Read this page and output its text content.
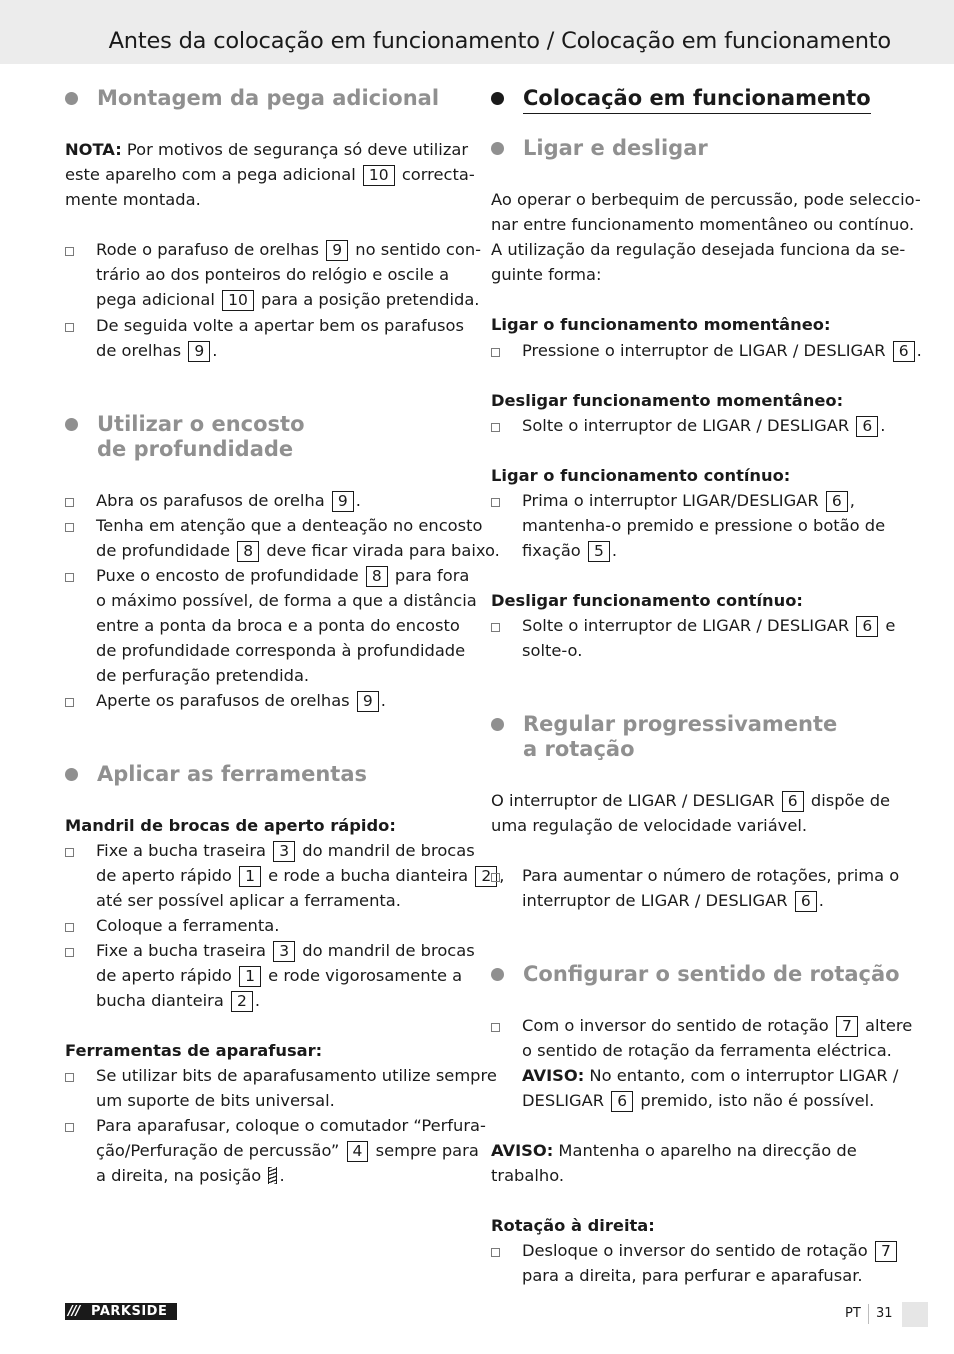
Antes da colocação em funcionamento / Colocação em funcionamento
Montagem da pega adicional
NOTA: Por motivos de segurança só deve utilizar
este aparelho com a pega adicional 10 correcta-
mente montada.
Rode o parafuso de orelhas 9 no sentido con-
trário ao dos ponteiros do relógio e oscile a
pega adicional 10 para a posição pretendida.
De seguida volte a apertar bem os parafusos
de orelhas 9 .
Utilizar o encosto
de profundidade
Abra os parafusos de orelha 9 .
Tenha em atenção que a denteação no encosto
de profundidade 8 deve ficar virada para baixo.
Puxe o encosto de profundidade 8 para fora
o máximo possível, de forma a que a distância
entre a ponta da broca e a ponta do encosto
de profundidade corresponda à profundidade
de perfuração pretendida.
Aperte os parafusos de orelhas 9 .
Aplicar as ferramentas
Mandril de brocas de aperto rápido:
Fixe a bucha traseira 3 do mandril de brocas
de aperto rápido 1 e rode a bucha dianteira 2 ,
até ser possível aplicar a ferramenta.
Coloque a ferramenta.
Fixe a bucha traseira 3 do mandril de brocas
de aperto rápido 1 e rode vigorosamente a
bucha dianteira 2 .
Ferramentas de aparafusar:
Se utilizar bits de aparafusamento utilize sempre
um suporte de bits universal.
Para aparafusar, coloque o comutador “Perfura-
ção/Perfuração de percussão” 4 sempre para
a direita, na posição .
Colocação em funcionamento
Ligar e desligar
Ao operar o berbequim de percussão, pode seleccio-
nar entre funcionamento momentâneo ou contínuo.
A utilização da regulação desejada funciona da se-
guinte forma:
Ligar o funcionamento momentâneo:
Pressione o interruptor de LIGAR / DESLIGAR 6 .
Desligar funcionamento momentâneo:
Solte o interruptor de LIGAR / DESLIGAR 6 .
Ligar o funcionamento contínuo:
Prima o interruptor LIGAR/DESLIGAR 6 ,
mantenha-o premido e pressione o botão de
fixação 5 .
Desligar funcionamento contínuo:
Solte o interruptor de LIGAR / DESLIGAR 6 e
solte-o.
Regular progressivamente
a rotação
O interruptor de LIGAR / DESLIGAR 6 dispõe de
uma regulação de velocidade variável.
Para aumentar o número de rotações, prima o
interruptor de LIGAR / DESLIGAR 6 .
Configurar o sentido de rotação
Com o inversor do sentido de rotação 7 altere
o sentido de rotação da ferramenta eléctrica.
AVISO: No entanto, com o interruptor LIGAR /
DESLIGAR 6 premido, isto não é possível.
AVISO: Mantenha o aparelho na direcção de
trabalho.
Rotação à direita:
Desloque o inversor do sentido de rotação 7
para a direita, para perfurar e aparafusar.
/// PARKSIDE	PT 31
